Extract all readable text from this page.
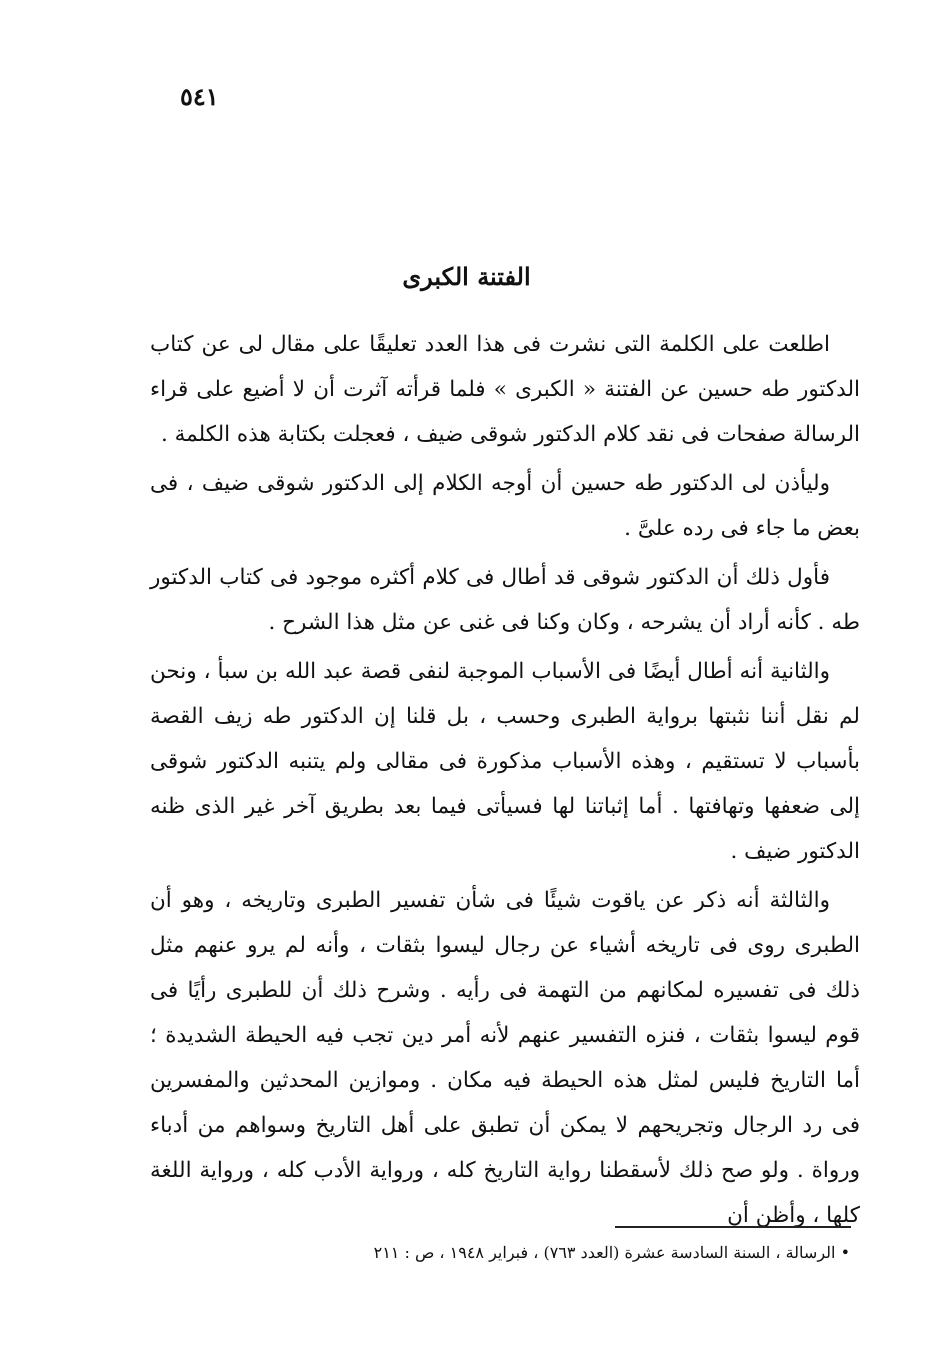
٥٤١
الفتنة الكبرى

اطلعت على الكلمة التى نشرت فى هذا العدد تعليقًا على مقال لى عن كتاب الدكتور طه حسين عن الفتنة « الكبرى » فلما قرأته آثرت أن لا أضيع على قراء الرسالة صفحات فى نقد كلام الدكتور شوقى ضيف ، فعجلت بكتابة هذه الكلمة .

وليأذن لى الدكتور طه حسين أن أوجه الكلام إلى الدكتور شوقى ضيف ، فى بعض ما جاء فى رده علىَّ .

فأول ذلك أن الدكتور شوقى قد أطال فى كلام أكثره موجود فى كتاب الدكتور طه . كأنه أراد أن يشرحه ، وكان وكنا فى غنى عن مثل هذا الشرح .

والثانية أنه أطال أيضًا فى الأسباب الموجبة لنفى قصة عبد الله بن سبأ ، ونحن لم نقل أننا نثبتها برواية الطبرى وحسب ، بل قلنا إن الدكتور طه زيف القصة بأسباب لا تستقيم ، وهذه الأسباب مذكورة فى مقالى ولم يتنبه الدكتور شوقى إلى ضعفها وتهافتها . أما إثباتنا لها فسيأتى فيما بعد بطريق آخر غير الذى ظنه الدكتور ضيف .

والثالثة أنه ذكر عن ياقوت شيئًا فى شأن تفسير الطبرى وتاريخه ، وهو أن الطبرى روى فى تاريخه أشياء عن رجال ليسوا بثقات ، وأنه لم يرو عنهم مثل ذلك فى تفسيره لمكانهم من التهمة فى رأيه . وشرح ذلك أن للطبرى رأيًا فى قوم ليسوا بثقات ، فنزه التفسير عنهم لأنه أمر دين تجب فيه الحيطة الشديدة ؛ أما التاريخ فليس لمثل هذه الحيطة فيه مكان . وموازين المحدثين والمفسرين فى رد الرجال وتجريحهم لا يمكن أن تطبق على أهل التاريخ وسواهم من أدباء ورواة . ولو صح ذلك لأسقطنا رواية التاريخ كله ، ورواية الأدب كله ، ورواية اللغة كلها ، وأظن أن

• الرسالة ، السنة السادسة عشرة (العدد ٧٦٣) ، فبراير ١٩٤٨ ، ص : ٢١١
